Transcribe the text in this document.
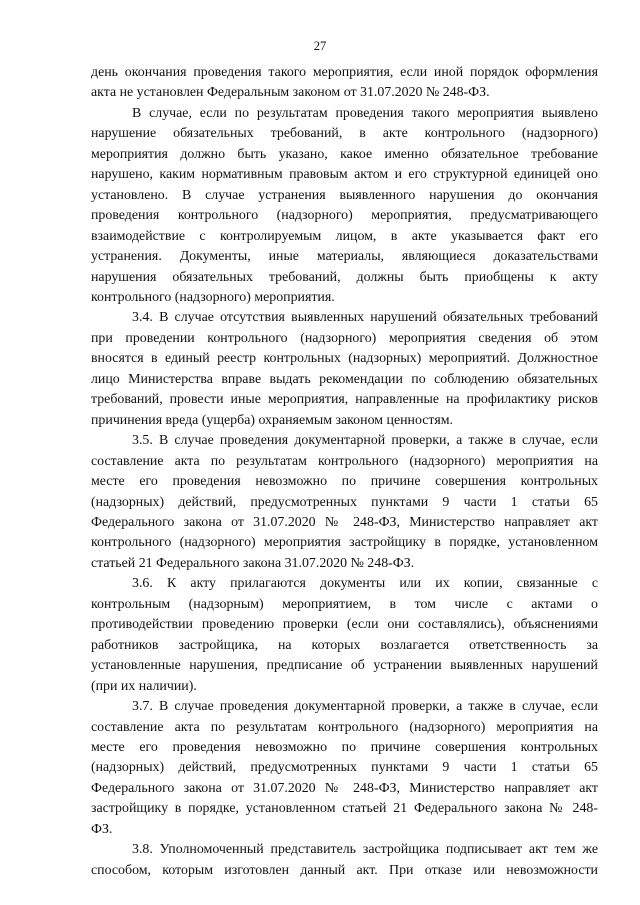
27

день окончания проведения такого мероприятия, если иной порядок оформления

акта не установлен Федеральным законом от 31.07.2020 № 248-ФЗ.

В случае, если по результатам проведения такого мероприятия выявлено

нарушение обязательных требований, в акте контрольного (надзорного)

мероприятия должно быть указано, какое именно обязательное требование

нарушено, каким нормативным правовым актом и его структурной единицей оно

установлено. В случае устранения выявленного нарушения до окончания

проведения контрольного (надзорного) мероприятия, предусматривающего

взаимодействие с контролируемым лицом, в акте указывается факт его

устранения. Документы, иные материалы, являющиеся доказательствами

нарушения обязательных требований, должны быть приобщены к акту

контрольного (надзорного) мероприятия.

3.4. В случае отсутствия выявленных нарушений обязательных требований

при проведении контрольного (надзорного) мероприятия сведения об этом

вносятся в единый реестр контрольных (надзорных) мероприятий. Должностное

лицо Министерства вправе выдать рекомендации по соблюдению обязательных

требований, провести иные мероприятия, направленные на профилактику рисков

причинения вреда (ущерба) охраняемым законом ценностям.

3.5. В случае проведения документарной проверки, а также в случае, если

составление акта по результатам контрольного (надзорного) мероприятия на

месте его проведения невозможно по причине совершения контрольных

(надзорных) действий, предусмотренных пунктами 9 части 1 статьи 65

Федерального закона от 31.07.2020 № 248-ФЗ, Министерство направляет акт

контрольного (надзорного) мероприятия застройщику в порядке, установленном

статьей 21 Федерального закона 31.07.2020 № 248-ФЗ.

3.6. К акту прилагаются документы или их копии, связанные с

контрольным (надзорным) мероприятием, в том числе с актами о

противодействии проведению проверки (если они составлялись), объяснениями

работников застройщика, на которых возлагается ответственность за

установленные нарушения, предписание об устранении выявленных нарушений

(при их наличии).

3.7. В случае проведения документарной проверки, а также в случае, если

составление акта по результатам контрольного (надзорного) мероприятия на

месте его проведения невозможно по причине совершения контрольных

(надзорных) действий, предусмотренных пунктами 9 части 1 статьи 65

Федерального закона от 31.07.2020 № 248-ФЗ, Министерство направляет акт

застройщику в порядке, установленном статьей 21 Федерального закона № 248-

ФЗ.

3.8. Уполномоченный представитель застройщика подписывает акт тем же

способом, которым изготовлен данный акт. При отказе или невозможности
